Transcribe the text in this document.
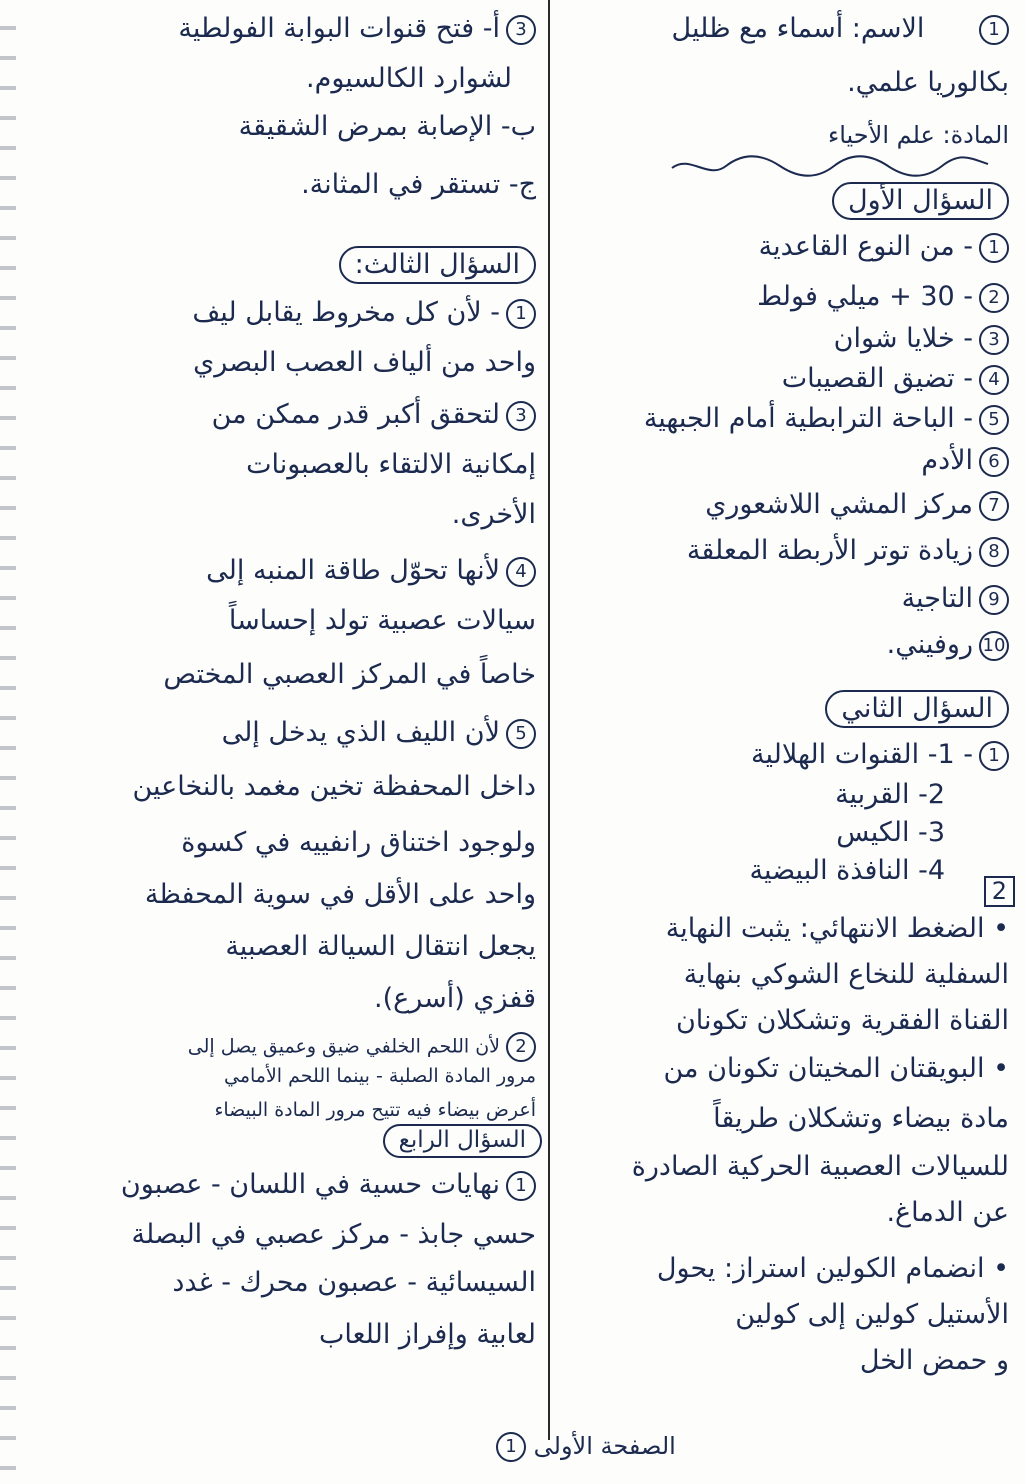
1 الاسم: أسماء مع ظليل
بكالوريا علمي.
المادة: علم الأحياء
السؤال الأول
1- من النوع القاعدية
2- 30 + ميلي فولط
3- خلايا شوان
4- تضيق القصيبات
5- الباحة الترابطية أمام الجبهية
6الأدم
7مركز المشي اللاشعوري
8زيادة توتر الأربطة المعلقة
9التاجية
10روفيني.
السؤال الثاني
1- 1- القنوات الهلالية
2- القربية
3- الكيس
4- النافذة البيضية
2
• الضغط الانتهائي: يثبت النهاية
السفلية للنخاع الشوكي بنهاية
القناة الفقرية وتشكلان تكونان
• البويقتان المخيتان تكونان من
مادة بيضاء وتشكلان طريقاً
للسيالات العصبية الحركية الصادرة
عن الدماغ.
• انضمام الكولين استراز: يحول
الأستيل كولين إلى كولين
و حمض الخل
3أ- فتح قنوات البوابة الفولطية
لشوارد الكالسيوم.
ب- الإصابة بمرض الشقيقة
ج- تستقر في المثانة.
السؤال الثالث:
1- لأن كل مخروط يقابل ليف
واحد من ألياف العصب البصري
3لتحقق أكبر قدر ممكن من
إمكانية الالتقاء بالعصبونات
الأخرى.
4لأنها تحوّل طاقة المنبه إلى
سيالات عصبية تولد إحساساً
خاصاً في المركز العصبي المختص
5لأن الليف الذي يدخل إلى
داخل المحفظة تخين مغمد بالنخاعين
ولوجود اختناق رانفييه في كسوة
واحد على الأقل في سوية المحفظة
يجعل انتقال السيالة العصبية
قفزي (أسرع).
2لأن اللحم الخلفي ضيق وعميق يصل إلى
مرور المادة الصلبة - بينما اللحم الأمامي
أعرض بيضاء فيه تتيح مرور المادة البيضاء
السؤال الرابع
1نهايات حسية في اللسان - عصبون
حسي جابذ - مركز عصبي في البصلة
السيسائية - عصبون محرك - غدد
لعابية وإفراز اللعاب
الصفحة الأولى 1
